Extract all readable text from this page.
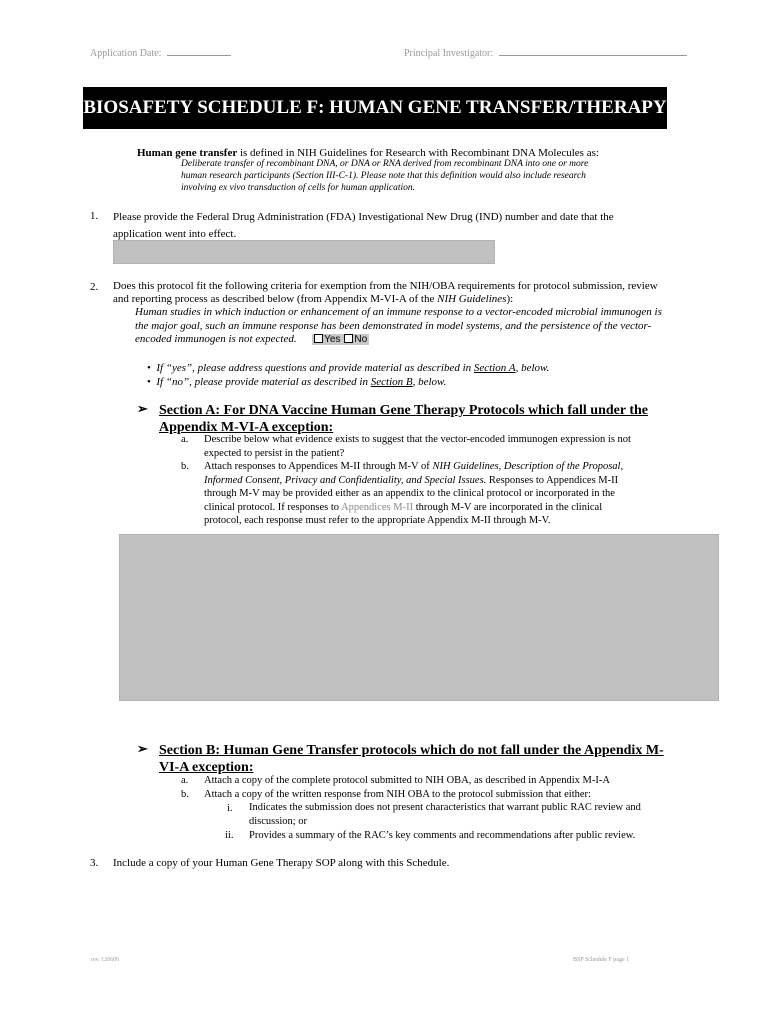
Application Date:	Principal Investigator:
BIOSAFETY SCHEDULE F: HUMAN GENE TRANSFER/THERAPY
Human gene transfer is defined in NIH Guidelines for Research with Recombinant DNA Molecules as:
Deliberate transfer of recombinant DNA, or DNA or RNA derived from recombinant DNA into one or more
human research participants (Section III-C-1). Please note that this definition would also include research
involving ex vivo transduction of cells for human application.
1. Please provide the Federal Drug Administration (FDA) Investigational New Drug (IND) number and date that the
application went into effect.
2. Does this protocol fit the following criteria for exemption from the NIH/OBA requirements for protocol submission, review
and reporting process as described below (from Appendix M-VI-A of the NIH Guidelines):
Human studies in which induction or enhancement of an immune response to a vector-encoded microbial immunogen is
the major goal, such an immune response has been demonstrated in model systems, and the persistence of the vector-
encoded immunogen is not expected.	Yes No
• If “yes”, please address questions and provide material as described in Section A, below.
• If “no”, please provide material as described in Section B, below.
➢ Section A: For DNA Vaccine Human Gene Therapy Protocols which fall under the
Appendix M-VI-A exception:
a. Describe below what evidence exists to suggest that the vector-encoded immunogen expression is not
expected to persist in the patient?
b. Attach responses to Appendices M-II through M-V of NIH Guidelines, Description of the Proposal,
Informed Consent, Privacy and Confidentiality, and Special Issues. Responses to Appendices M-II
through M-V may be provided either as an appendix to the clinical protocol or incorporated in the
clinical protocol. If responses to Appendices M-II through M-V are incorporated in the clinical
protocol, each response must refer to the appropriate Appendix M-II through M-V.
➢ Section B: Human Gene Transfer protocols which do not fall under the Appendix M-
VI-A exception:
a. Attach a copy of the complete protocol submitted to NIH OBA, as described in Appendix M-I-A
b. Attach a copy of the written response from NIH OBA to the protocol submission that either:
i. Indicates the submission does not present characteristics that warrant public RAC review and
discussion; or
ii. Provides a summary of the RAC’s key comments and recommendations after public review.
3. Include a copy of your Human Gene Therapy SOP along with this Schedule.
rev. 120606	BSP Schedule F page 1
